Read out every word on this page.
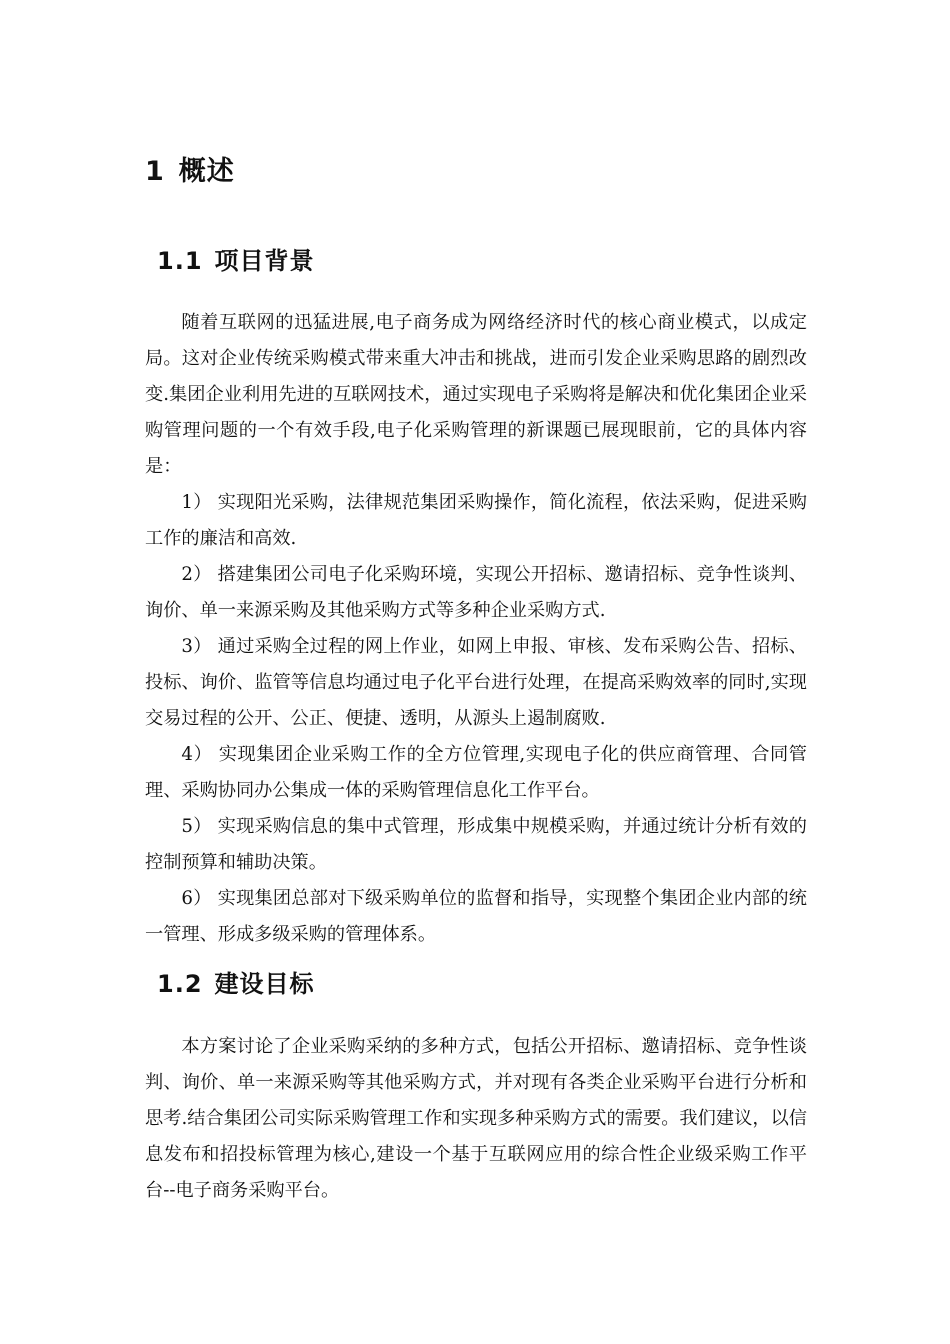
1 概述
1.1 项目背景

随着互联网的迅猛进展,电子商务成为网络经济时代的核心商业模式，以成定局。这对企业传统采购模式带来重大冲击和挑战，进而引发企业采购思路的剧烈改变.集团企业利用先进的互联网技术，通过实现电子采购将是解决和优化集团企业采购管理问题的一个有效手段,电子化采购管理的新课题已展现眼前，它的具体内容是：

1） 实现阳光采购，法律规范集团采购操作，简化流程，依法采购，促进采购工作的廉洁和高效.

2） 搭建集团公司电子化采购环境，实现公开招标、邀请招标、竞争性谈判、询价、单一来源采购及其他采购方式等多种企业采购方式.

3） 通过采购全过程的网上作业，如网上申报、审核、发布采购公告、招标、投标、询价、监管等信息均通过电子化平台进行处理，在提高采购效率的同时,实现交易过程的公开、公正、便捷、透明，从源头上遏制腐败.

4） 实现集团企业采购工作的全方位管理,实现电子化的供应商管理、合同管理、采购协同办公集成一体的采购管理信息化工作平台。

5） 实现采购信息的集中式管理，形成集中规模采购，并通过统计分析有效的控制预算和辅助决策。

6） 实现集团总部对下级采购单位的监督和指导，实现整个集团企业内部的统一管理、形成多级采购的管理体系。

1.2 建设目标

本方案讨论了企业采购采纳的多种方式，包括公开招标、邀请招标、竞争性谈判、询价、单一来源采购等其他采购方式，并对现有各类企业采购平台进行分析和思考.结合集团公司实际采购管理工作和实现多种采购方式的需要。我们建议，以信息发布和招投标管理为核心,建设一个基于互联网应用的综合性企业级采购工作平台--电子商务采购平台。
